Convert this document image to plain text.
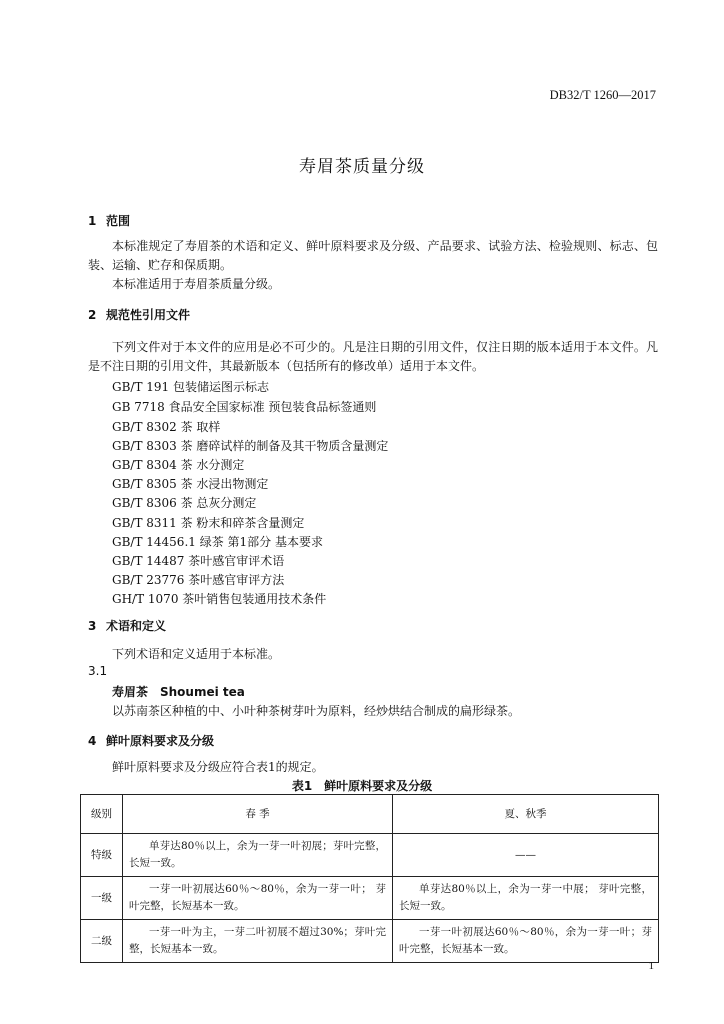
DB32/T 1260—2017
寿眉茶质量分级
1 范围
本标准规定了寿眉茶的术语和定义、鲜叶原料要求及分级、产品要求、试验方法、检验规则、标志、包装、运输、贮存和保质期。
本标准适用于寿眉茶质量分级。
2 规范性引用文件
下列文件对于本文件的应用是必不可少的。凡是注日期的引用文件，仅注日期的版本适用于本文件。凡是不注日期的引用文件，其最新版本（包括所有的修改单）适用于本文件。
GB/T 191 包装储运图示标志
GB 7718 食品安全国家标准 预包装食品标签通则
GB/T 8302 茶 取样
GB/T 8303 茶 磨碎试样的制备及其干物质含量测定
GB/T 8304 茶 水分测定
GB/T 8305 茶 水浸出物测定
GB/T 8306 茶 总灰分测定
GB/T 8311 茶 粉末和碎茶含量测定
GB/T 14456.1 绿茶 第1部分 基本要求
GB/T 14487 茶叶感官审评术语
GB/T 23776 茶叶感官审评方法
GH/T 1070 茶叶销售包装通用技术条件
3 术语和定义
下列术语和定义适用于本标准。
3.1
寿眉茶　Shoumei tea
以苏南茶区种植的中、小叶种茶树芽叶为原料，经炒烘结合制成的扁形绿茶。
4 鲜叶原料要求及分级
鲜叶原料要求及分级应符合表1的规定。
表1　鲜叶原料要求及分级
级别	春 季	夏、秋季
特级	单芽达80％以上，余为一芽一叶初展；芽叶完整，长短一致。	——
一级	一芽一叶初展达60％～80％，余为一芽一叶； 芽叶完整，长短基本一致。	单芽达80％以上，余为一芽一中展； 芽叶完整，长短一致。
二级	一芽一叶为主，一芽二叶初展不超过30%；芽叶完整，长短基本一致。	一芽一叶初展达60％～80％，余为一芽一叶；芽叶完整，长短基本一致。
1
